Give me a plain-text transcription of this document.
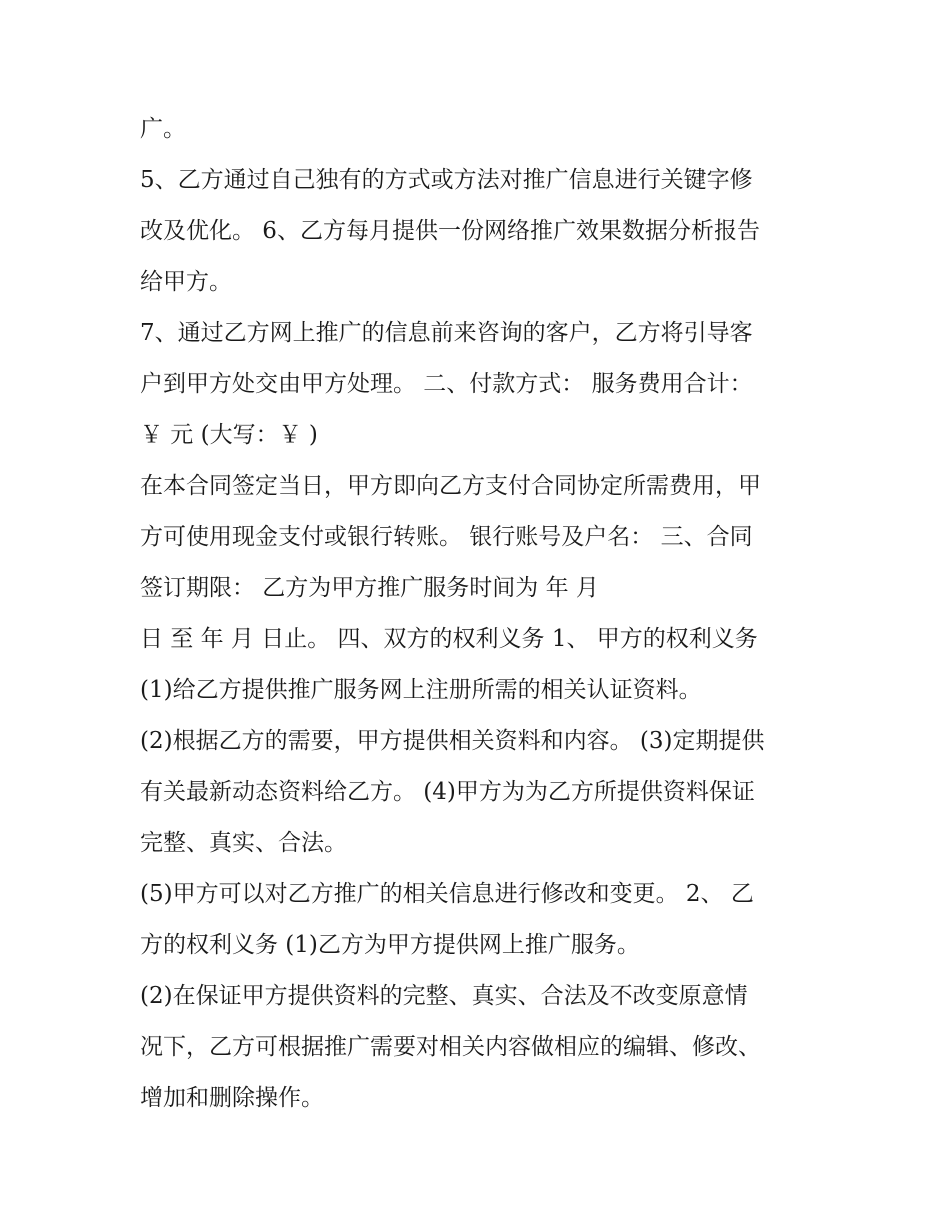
广。
5、乙方通过自己独有的方式或方法对推广信息进行关键字修
改及优化。 6、乙方每月提供一份网络推广效果数据分析报告
给甲方。
7、通过乙方网上推广的信息前来咨询的客户，乙方将引导客
户到甲方处交由甲方处理。 二、付款方式： 服务费用合计：
￥ 元 (大写：￥ )
在本合同签定当日，甲方即向乙方支付合同协定所需费用，甲
方可使用现金支付或银行转账。 银行账号及户名： 三、合同
签订期限： 乙方为甲方推广服务时间为 年 月
日 至 年 月 日止。 四、双方的权利义务 1、 甲方的权利义务
(1)给乙方提供推广服务网上注册所需的相关认证资料。
(2)根据乙方的需要，甲方提供相关资料和内容。 (3)定期提供
有关最新动态资料给乙方。 (4)甲方为为乙方所提供资料保证
完整、真实、合法。
(5)甲方可以对乙方推广的相关信息进行修改和变更。 2、 乙
方的权利义务 (1)乙方为甲方提供网上推广服务。
(2)在保证甲方提供资料的完整、真实、合法及不改变原意情
况下，乙方可根据推广需要对相关内容做相应的编辑、修改、
增加和删除操作。
